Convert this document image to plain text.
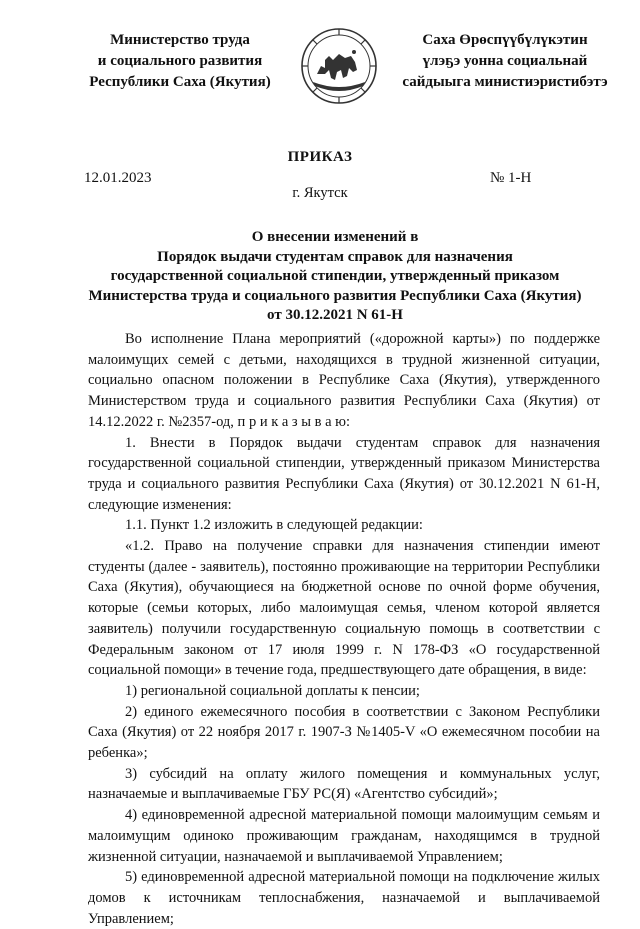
Министерство труда
и социального развития
Республики Саха (Якутия)
Саха Өрөспүүбүлүкэтин
үлэҕэ уонна социальнай
сайдыыга министиэристибэтэ
ПРИКАЗ
12.01.2023	№ 1-Н
г. Якутск
О внесении изменений в
Порядок выдачи студентам справок для назначения
государственной социальной стипендии, утвержденный приказом
Министерства труда и социального развития Республики Саха (Якутия)
от 30.12.2021 N 61-Н

Во исполнение Плана мероприятий («дорожной карты») по поддержке малоимущих семей с детьми, находящихся в трудной жизненной ситуации, социально опасном положении в Республике Саха (Якутия), утвержденного Министерством труда и социального развития Республики Саха (Якутия) от 14.12.2022 г. №2357-од, п р и к а з ы в а ю:

1. Внести в Порядок выдачи студентам справок для назначения государственной социальной стипендии, утвержденный приказом Министерства труда и социального развития Республики Саха (Якутия) от 30.12.2021 N 61-Н, следующие изменения:

1.1. Пункт 1.2 изложить в следующей редакции:

«1.2. Право на получение справки для назначения стипендии имеют студенты (далее - заявитель), постоянно проживающие на территории Республики Саха (Якутия), обучающиеся на бюджетной основе по очной форме обучения, которые (семьи которых, либо малоимущая семья, членом которой является заявитель) получили государственную социальную помощь в соответствии с Федеральным законом от 17 июля 1999 г. N 178-ФЗ «О государственной социальной помощи» в течение года, предшествующего дате обращения, в виде:

1) региональной социальной доплаты к пенсии;

2) единого ежемесячного пособия в соответствии с Законом Республики Саха (Якутия) от 22 ноября 2017 г. 1907-З №1405-V «О ежемесячном пособии на ребенка»;

3) субсидий на оплату жилого помещения и коммунальных услуг, назначаемые и выплачиваемые ГБУ РС(Я) «Агентство субсидий»;

4) единовременной адресной материальной помощи малоимущим семьям и малоимущим одиноко проживающим гражданам, находящимся в трудной жизненной ситуации, назначаемой и выплачиваемой Управлением;

5) единовременной адресной материальной помощи на подключение жилых домов к источникам теплоснабжения, назначаемой и выплачиваемой Управлением;
